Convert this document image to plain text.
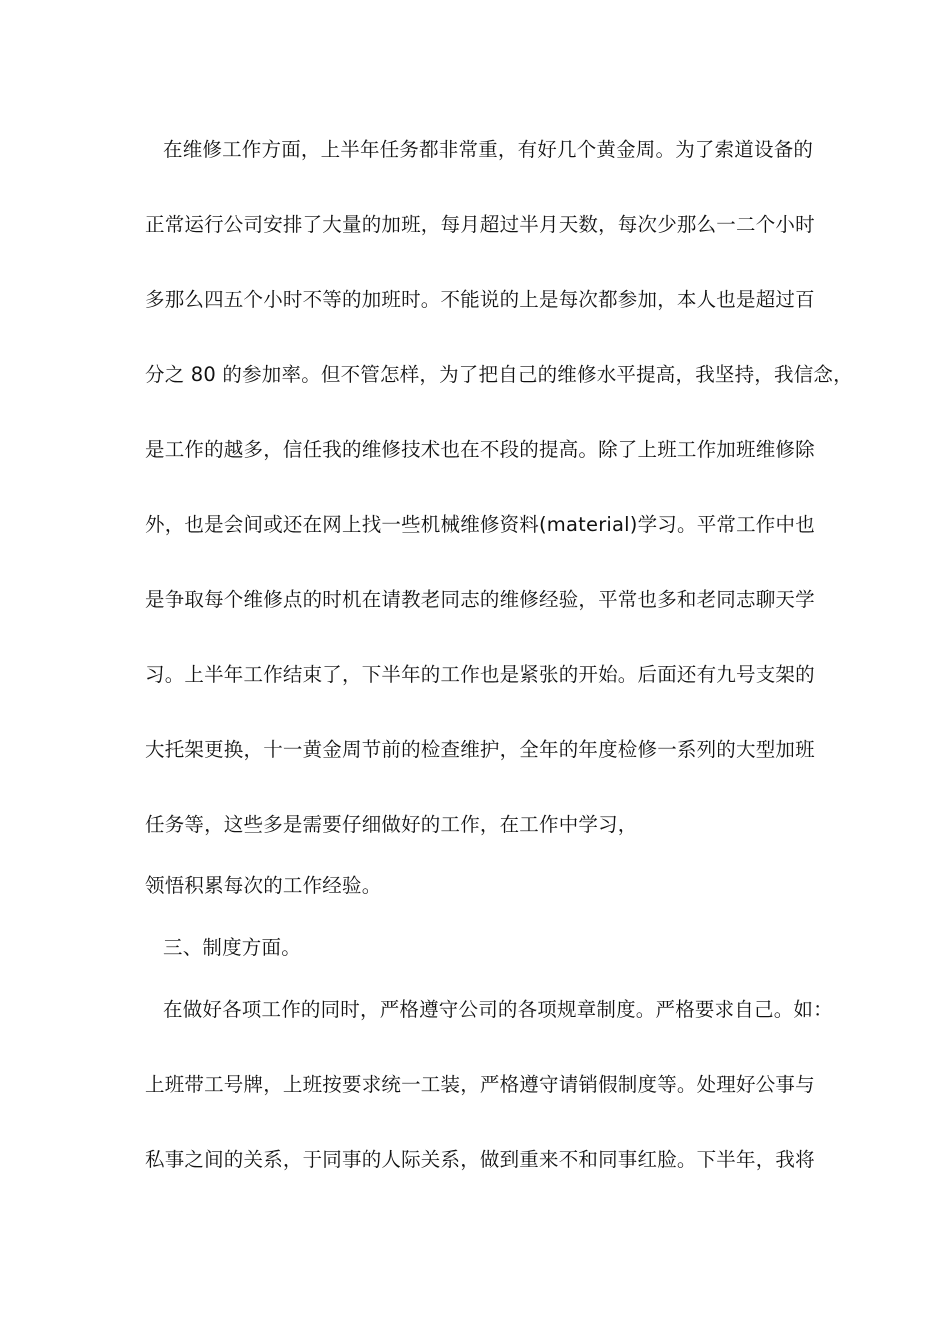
在维修工作方面，上半年任务都非常重，有好几个黄金周。为了索道设备的
正常运行公司安排了大量的加班，每月超过半月天数，每次少那么一二个小时
多那么四五个小时不等的加班时。不能说的上是每次都参加，本人也是超过百
分之 80 的参加率。但不管怎样，为了把自己的维修水平提高，我坚持，我信念，
是工作的越多，信任我的维修技术也在不段的提高。除了上班工作加班维修除
外，也是会间或还在网上找一些机械维修资料(material)学习。平常工作中也
是争取每个维修点的时机在请教老同志的维修经验，平常也多和老同志聊天学
习。上半年工作结束了，下半年的工作也是紧张的开始。后面还有九号支架的
大托架更换，十一黄金周节前的检查维护，全年的年度检修一系列的大型加班
任务等，这些多是需要仔细做好的工作，在工作中学习，
领悟积累每次的工作经验。
三、制度方面。
在做好各项工作的同时，严格遵守公司的各项规章制度。严格要求自己。如：
上班带工号牌，上班按要求统一工装，严格遵守请销假制度等。处理好公事与
私事之间的关系，于同事的人际关系，做到重来不和同事红脸。下半年，我将
